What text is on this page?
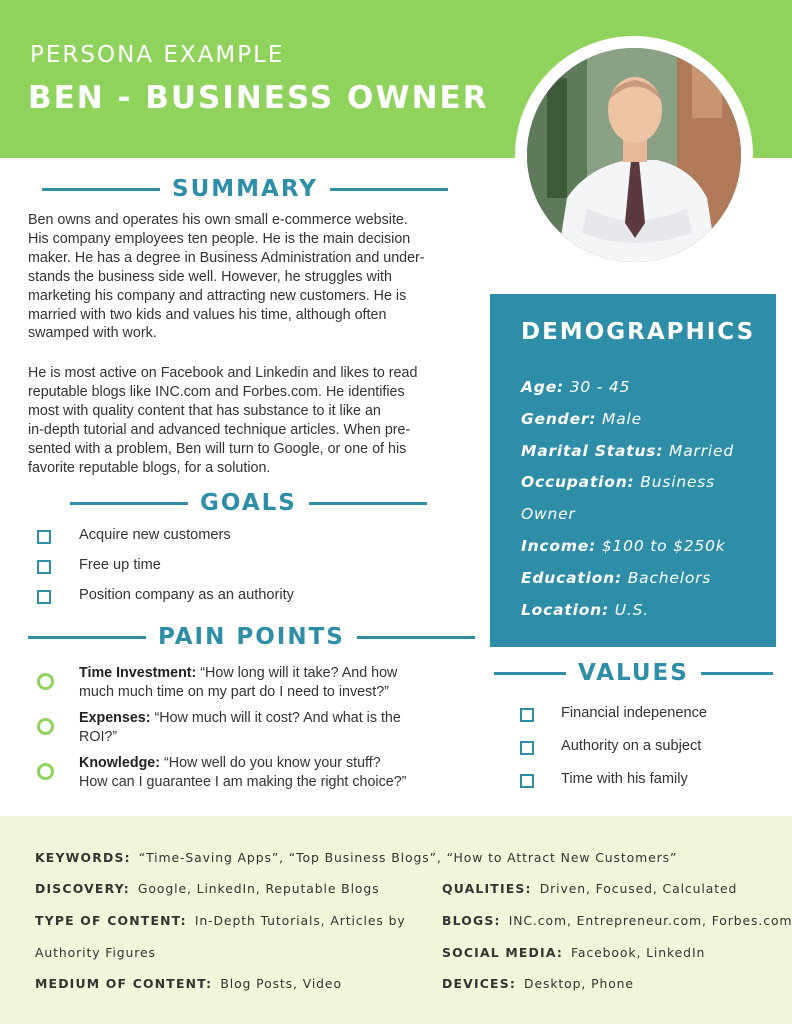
PERSONA EXAMPLE
BEN - BUSINESS OWNER
SUMMARY
Ben owns and operates his own small e-commerce website.
His company employees ten people. He is the main decision
maker. He has a degree in Business Administration and under-
stands the business side well. However, he struggles with
marketing his company and attracting new customers. He is
married with two kids and values his time, although often
swamped with work.
He is most active on Facebook and Linkedin and likes to read
reputable blogs like INC.com and Forbes.com. He identifies
most with quality content that has substance to it like an
in-depth tutorial and advanced technique articles. When pre-
sented with a problem, Ben will turn to Google, or one of his
favorite reputable blogs, for a solution.
GOALS
Acquire new customers
Free up time
Position company as an authority
PAIN POINTS
Time Investment: “How long will it take? And how
much much time on my part do I need to invest?”
Expenses: “How much will it cost? And what is the
ROI?”
Knowledge: “How well do you know your stuff?
How can I guarantee I am making the right choice?”
DEMOGRAPHICS
Age: 30 - 45
Gender: Male
Marital Status: Married
Occupation: Business
Owner
Income: $100 to $250k
Education: Bachelors
Location: U.S.
VALUES
Financial indepenence
Authority on a subject
Time with his family
KEYWORDS: “Time-Saving Apps”, “Top Business Blogs”, “How to Attract New Customers”
DISCOVERY: Google, LinkedIn, Reputable Blogs
TYPE OF CONTENT: In-Depth Tutorials, Articles by
Authority Figures
MEDIUM OF CONTENT: Blog Posts, Video
QUALITIES: Driven, Focused, Calculated
BLOGS: INC.com, Entrepreneur.com, Forbes.com
SOCIAL MEDIA: Facebook, LinkedIn
DEVICES: Desktop, Phone
